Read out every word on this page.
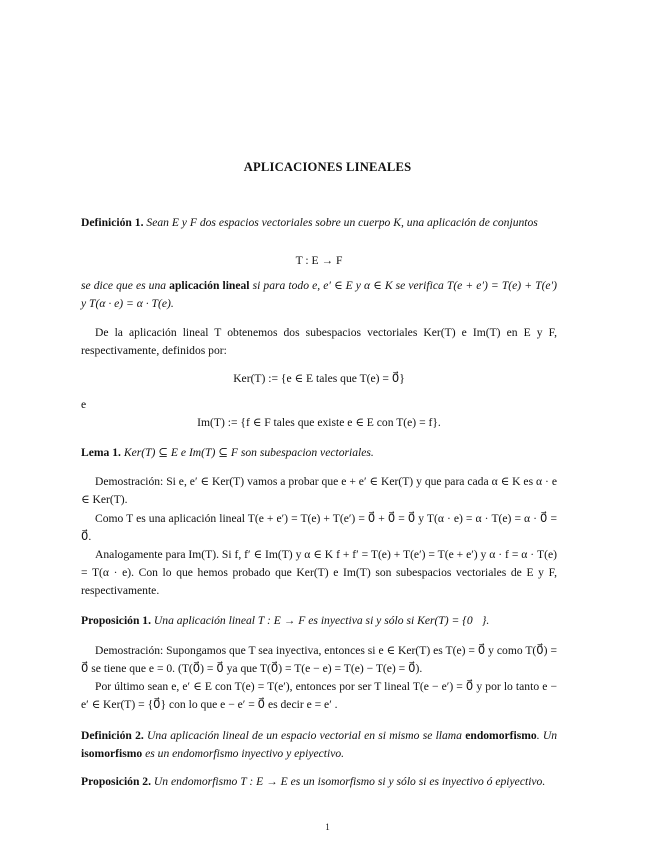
APLICACIONES LINEALES
Definición 1. Sean E y F dos espacios vectoriales sobre un cuerpo K, una aplicación de conjuntos
T : E → F
se dice que es una aplicación lineal si para todo e, e′ ∈ E y α ∈ K se verifica T(e + e′) = T(e) + T(e′) y T(α · e) = α · T(e).
De la aplicación lineal T obtenemos dos subespacios vectoriales Ker(T) e Im(T) en E y F, respectivamente, definidos por:
Ker(T) := {e ∈ E tales que T(e) = 0⃗}
e
Im(T) := {f ∈ F tales que existe e ∈ E con T(e) = f}.
Lema 1. Ker(T) ⊆ E e Im(T) ⊆ F son subespacion vectoriales.
Demostración: Si e, e′ ∈ Ker(T) vamos a probar que e + e′ ∈ Ker(T) y que para cada α ∈ K es α · e ∈ Ker(T).
Como T es una aplicación lineal T(e + e′) = T(e) + T(e′) = 0⃗ + 0⃗ = 0⃗ y T(α · e) = α · T(e) = α · 0⃗ = 0⃗.
Analogamente para Im(T). Si f, f′ ∈ Im(T) y α ∈ K f + f′ = T(e) + T(e′) = T(e + e′) y α · f = α · T(e) = T(α · e). Con lo que hemos probado que Ker(T) e Im(T) son subespacios vectoriales de E y F, respectivamente.
Proposición 1. Una aplicación lineal T : E → F es inyectiva si y sólo si Ker(T) = {0⃗}.
Demostración: Supongamos que T sea inyectiva, entonces si e ∈ Ker(T) es T(e) = 0⃗ y como T(0⃗) = 0⃗ se tiene que e = 0. (T(0⃗) = 0⃗ ya que T(0⃗) = T(e − e) = T(e) − T(e) = 0⃗).
Por último sean e, e′ ∈ E con T(e) = T(e′), entonces por ser T lineal T(e − e′) = 0⃗ y por lo tanto e − e′ ∈ Ker(T) = {0⃗} con lo que e − e′ = 0⃗ es decir e = e′ .
Definición 2. Una aplicación lineal de un espacio vectorial en si mismo se llama endomorfismo. Un isomorfismo es un endomorfismo inyectivo y epiyectivo.
Proposición 2. Un endomorfismo T : E → E es un isomorfismo si y sólo si es inyectivo ó epiyectivo.
1
